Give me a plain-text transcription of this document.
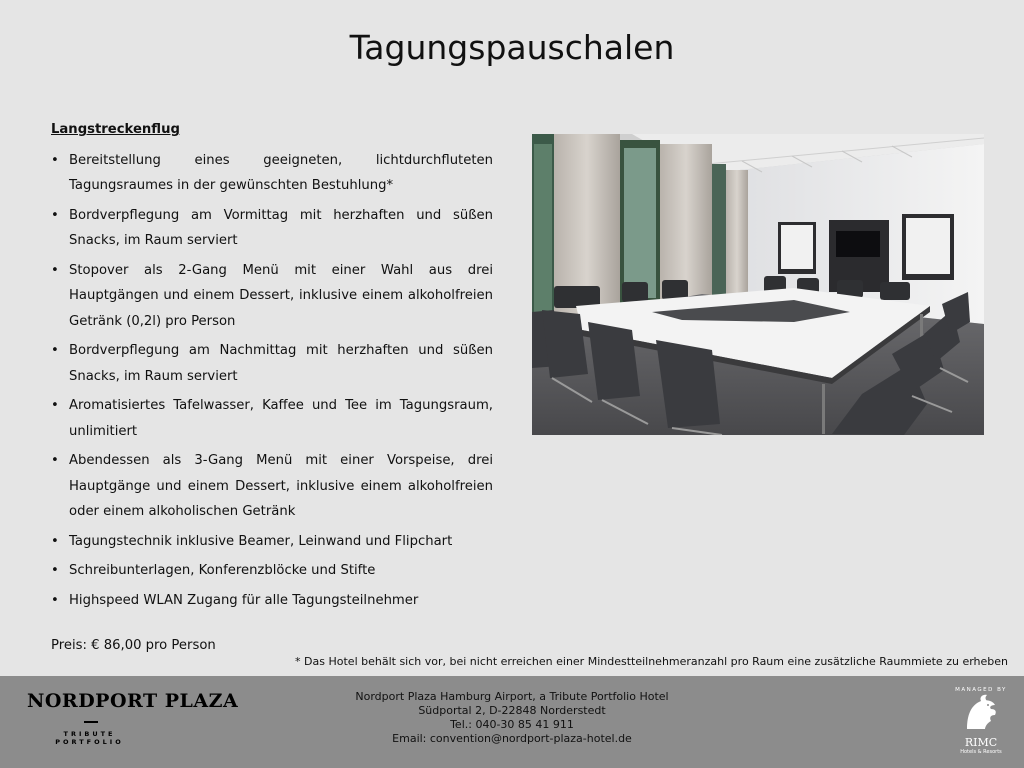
Tagungspauschalen
Langstreckenflug
• Bereitstellung eines geeigneten, lichtdurchfluteten Tagungsraumes in der gewünschten Bestuhlung*
• Bordverpflegung am Vormittag mit herzhaften und süßen Snacks, im Raum serviert
• Stopover als 2-Gang Menü mit einer Wahl aus drei Hauptgängen und einem Dessert, inklusive einem alkoholfreien Getränk (0,2l) pro Person
• Bordverpflegung am Nachmittag mit herzhaften und süßen Snacks, im Raum serviert
• Aromatisiertes Tafelwasser, Kaffee und Tee im Tagungsraum, unlimitiert
• Abendessen als 3-Gang Menü mit einer Vorspeise, drei Hauptgänge und einem Dessert, inklusive einem alkoholfreien oder einem alkoholischen Getränk
• Tagungstechnik inklusive Beamer, Leinwand und Flipchart
• Schreibunterlagen, Konferenzblöcke und Stifte
• Highspeed WLAN Zugang für alle Tagungsteilnehmer
Preis: € 86,00 pro Person
* Das Hotel behält sich vor, bei nicht erreichen einer Mindestteilnehmeranzahl pro Raum eine zusätzliche Raummiete zu erheben
NORDPORT PLAZA
TRIBUTE PORTFOLIO
Nordport Plaza Hamburg Airport, a Tribute Portfolio Hotel
Südportal 2, D-22848 Norderstedt
Tel.: 040-30 85 41 911
Email: convention@nordport-plaza-hotel.de
MANAGED BY
RIMC
Hotels & Resorts
